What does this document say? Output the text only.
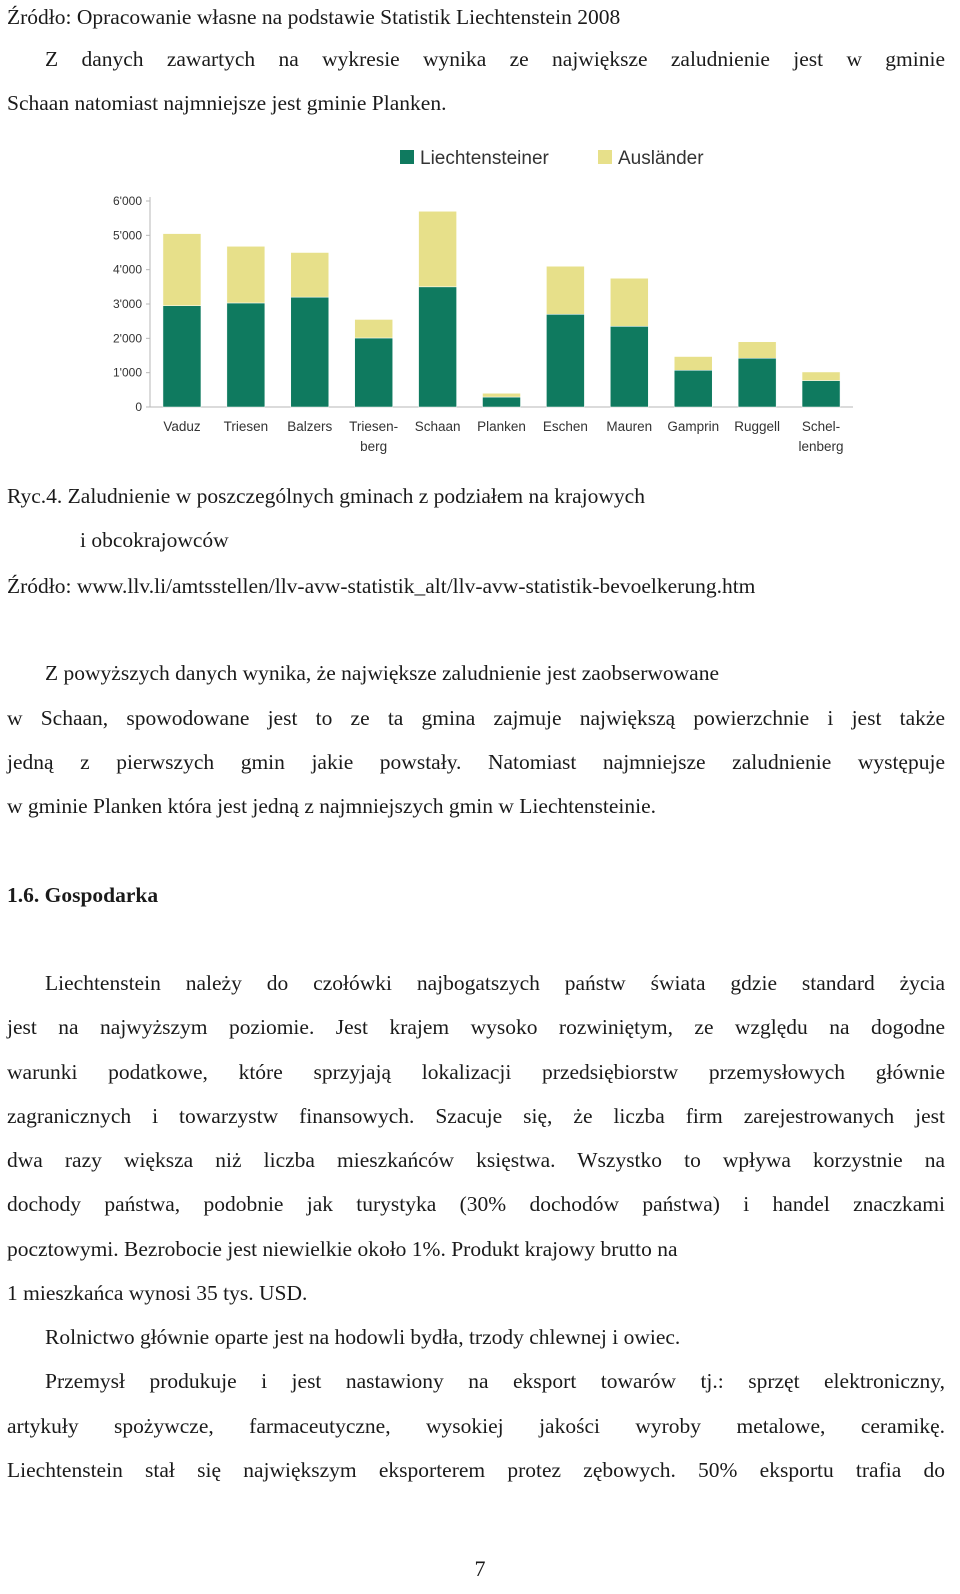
Źródło: Opracowanie własne na podstawie Statistik Liechtenstein 2008
Z danych zawartych na wykresie wynika ze największe zaludnienie jest w gminie
Schaan natomiast najmniejsze jest gminie Planken.
0
1'000
2'000
3'000
4'000
5'000
6'000
Vaduz Triesen Balzers Triesen-
berg
Schaan Planken Eschen Mauren Gamprin Ruggell Schel-
lenberg
Liechtensteiner	Ausländer
Ryc.4. Zaludnienie w poszczególnych gminach z podziałem na krajowych
i obcokrajowców
Źródło: www.llv.li/amtsstellen/llv-avw-statistik_alt/llv-avw-statistik-bevoelkerung.htm
Z powyższych danych wynika, że największe zaludnienie jest zaobserwowane
w Schaan, spowodowane jest to ze ta gmina zajmuje największą powierzchnie i jest także
jedną z pierwszych gmin jakie powstały. Natomiast najmniejsze zaludnienie występuje
w gminie Planken która jest jedną z najmniejszych gmin w Liechtensteinie.
1.6. Gospodarka
Liechtenstein należy do czołówki najbogatszych państw świata gdzie standard życia
jest na najwyższym poziomie. Jest krajem wysoko rozwiniętym, ze względu na dogodne
warunki podatkowe, które sprzyjają lokalizacji przedsiębiorstw przemysłowych głównie
zagranicznych i towarzystw finansowych. Szacuje się, że liczba firm zarejestrowanych jest
dwa razy większa niż liczba mieszkańców księstwa. Wszystko to wpływa korzystnie na
dochody państwa, podobnie jak turystyka (30% dochodów państwa) i handel znaczkami
pocztowymi. Bezrobocie jest niewielkie około 1%. Produkt krajowy brutto na
1 mieszkańca wynosi 35 tys. USD.
Rolnictwo głównie oparte jest na hodowli bydła, trzody chlewnej i owiec.
Przemysł produkuje i jest nastawiony na eksport towarów tj.: sprzęt elektroniczny,
artykuły spożywcze, farmaceutyczne, wysokiej jakości wyroby metalowe, ceramikę.
Liechtenstein stał się największym eksporterem protez zębowych. 50% eksportu trafia do
7
